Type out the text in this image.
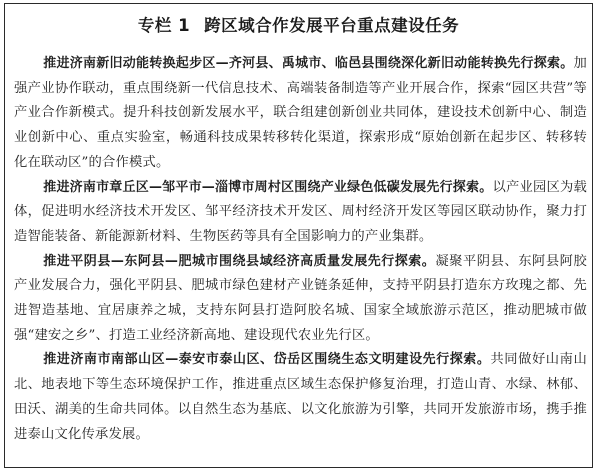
专栏 1 跨区域合作发展平台重点建设任务

推进济南新旧动能转换起步区—齐河县、禹城市、临邑县围绕深化新旧动能转换先行探索。加强产业协作联动，重点围绕新一代信息技术、高端装备制造等产业开展合作，探索“园区共营”等产业合作新模式。提升科技创新发展水平，联合组建创新创业共同体，建设技术创新中心、制造业创新中心、重点实验室，畅通科技成果转移转化渠道，探索形成“原始创新在起步区、转移转化在联动区”的合作模式。

推进济南市章丘区—邹平市—淄博市周村区围绕产业绿色低碳发展先行探索。以产业园区为载体，促进明水经济技术开发区、邹平经济技术开发区、周村经济开发区等园区联动协作，聚力打造智能装备、新能源新材料、生物医药等具有全国影响力的产业集群。

推进平阴县—东阿县—肥城市围绕县域经济高质量发展先行探索。凝聚平阴县、东阿县阿胶产业发展合力，强化平阴县、肥城市绿色建材产业链条延伸，支持平阴县打造东方玫瑰之都、先进智造基地、宜居康养之城，支持东阿县打造阿胶名城、国家全域旅游示范区，推动肥城市做强“建安之乡”、打造工业经济新高地、建设现代农业先行区。

推进济南市南部山区—泰安市泰山区、岱岳区围绕生态文明建设先行探索。共同做好山南山北、地表地下等生态环境保护工作，推进重点区域生态保护修复治理，打造山青、水绿、林郁、田沃、湖美的生命共同体。以自然生态为基底、以文化旅游为引擎，共同开发旅游市场，携手推进泰山文化传承发展。
